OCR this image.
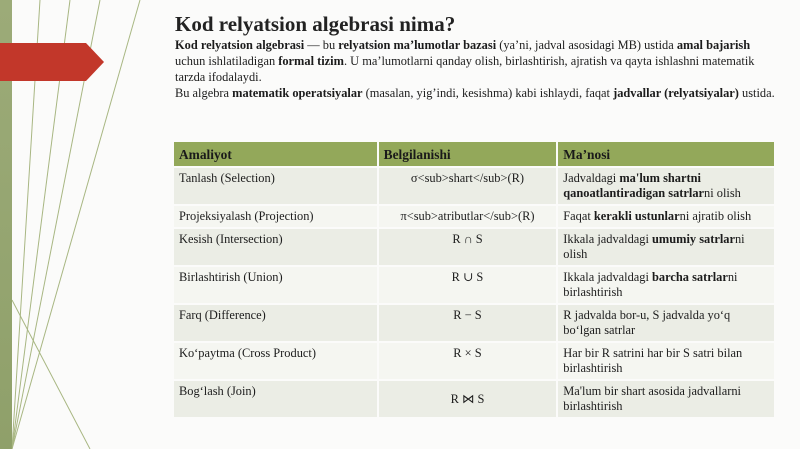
Kod relyatsion algebrasi nima?

Kod relyatsion algebrasi — bu relyatsion ma’lumotlar bazasi (ya’ni, jadval asosidagi MB) ustida amal bajarish uchun ishlatiladigan formal tizim. U ma’lumotlarni qanday olish, birlashtirish, ajratish va qayta ishlashni matematik tarzda ifodalaydi.

Bu algebra matematik operatsiyalar (masalan, yig’indi, kesishma) kabi ishlaydi, faqat jadvallar (relyatsiyalar) ustida.

Amaliyot	Belgilanishi	Ma’nosi
Tanlash (Selection)	σ<sub>shart</sub>(R)	Jadvaldagi ma'lum shartni qanoatlantiradigan satrlarni olish
Projeksiyalash (Projection)	π<sub>atributlar</sub>(R)	Faqat kerakli ustunlarni ajratib olish
Kesish (Intersection)	R ∩ S	Ikkala jadvaldagi umumiy satrlarni olish
Birlashtirish (Union)	R ∪ S	Ikkala jadvaldagi barcha satrlarni birlashtirish
Farq (Difference)	R − S	R jadvalda bor-u, S jadvalda yo‘q bo‘lgan satrlar
Ko‘paytma (Cross Product)	R × S	Har bir R satrini har bir S satri bilan birlashtirish
Bog‘lash (Join)	R ⋈ S	Ma'lum bir shart asosida jadvallarni birlashtirish
